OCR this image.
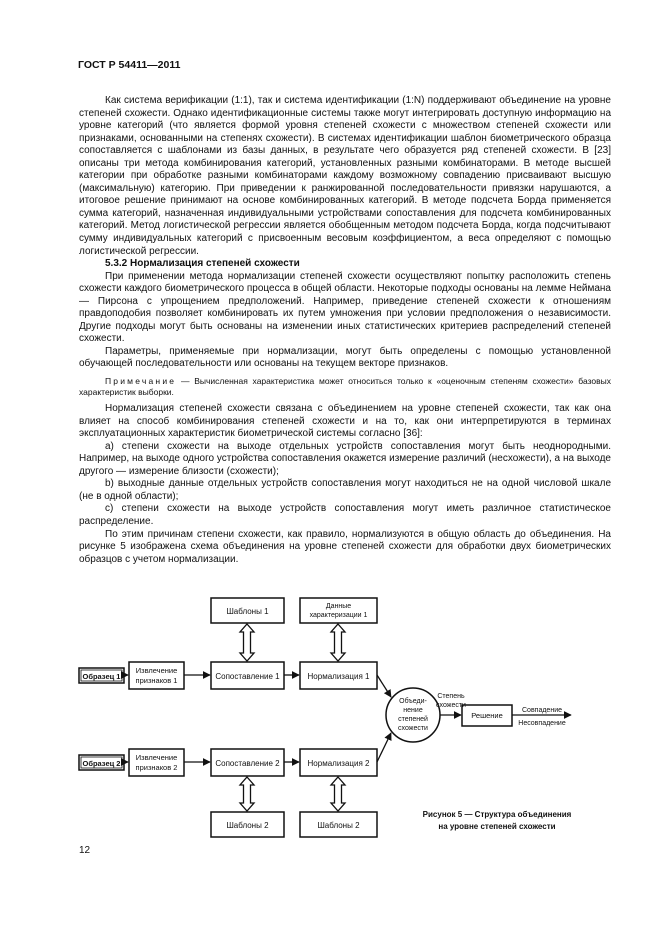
ГОСТ Р 54411—2011

Как система верификации (1:1), так и система идентификации (1:N) поддерживают объединение на уровне степеней схожести. Однако идентификационные системы также могут интегрировать доступную информацию на уровне категорий (что является формой уровня степеней схожести с множеством степеней схожести или признаками, основанными на степенях схожести). В системах идентификации шаблон биометрического образца сопоставляется с шаблонами из базы данных, в результате чего образуется ряд степеней схожести. В [23] описаны три метода комбинирования категорий, установленных разными комбинаторами. В методе высшей категории при обработке разными комбинаторами каждому возможному совпадению присваивают высшую (максимальную) категорию. При приведении к ранжированной последовательности привязки нарушаются, а итоговое решение принимают на основе комбинированных категорий. В методе подсчета Борда применяется сумма категорий, назначенная индивидуальными устройствами сопоставления для подсчета комбинированных категорий. Метод логистической регрессии является обобщенным методом подсчета Борда, когда подсчитывают сумму индивидуальных категорий с присвоенным весовым коэффициентом, а веса определяют с помощью логистической регрессии.

5.3.2 Нормализация степеней схожести

При применении метода нормализации степеней схожести осуществляют попытку расположить степень схожести каждого биометрического процесса в общей области. Некоторые подходы основаны на лемме Неймана — Пирсона с упрощением предположений. Например, приведение степеней схожести к отношениям правдоподобия позволяет комбинировать их путем умножения при условии предположения о независимости. Другие подходы могут быть основаны на изменении иных статистических критериев распределений степеней схожести.

Параметры, применяемые при нормализации, могут быть определены с помощью установленной обучающей последовательности или основаны на текущем векторе признаков.

Примечание — Вычисленная характеристика может относиться только к «оценочным степеням схожести» базовых характеристик выборки.

Нормализация степеней схожести связана с объединением на уровне степеней схожести, так как она влияет на способ комбинирования степеней схожести и на то, как они интерпретируются в терминах эксплуатационных характеристик биометрической системы согласно [36]:

а) степени схожести на выходе отдельных устройств сопоставления могут быть неоднородными. Например, на выходе одного устройства сопоставления окажется измерение различий (несхожести), а на выходе другого — измерение близости (схожести);

b) выходные данные отдельных устройств сопоставления могут находиться не на одной числовой шкале (не в одной области);

с) степени схожести на выходе устройств сопоставления могут иметь различное статистическое распределение.

По этим причинам степени схожести, как правило, нормализуются в общую область до объединения. На рисунке 5 изображена схема объединения на уровне степеней схожести для обработки двух биометрических образцов с учетом нормализации.

Шаблоны 1
Данные
характеризации 1
Образец 1
Извлечение
признаков 1	Сопоставление 1	Нормализация 1
Объеди-
нение
степеней
схожести
Степень
схожести
Решение
Совпадение
Несовпадение
Образец 2
Извлечение
признаков 2	Сопоставление 2	Нормализация 2
Шаблоны 2	Шаблоны 2
Рисунок 5 — Структура объединения
на уровне степеней схожести
12
